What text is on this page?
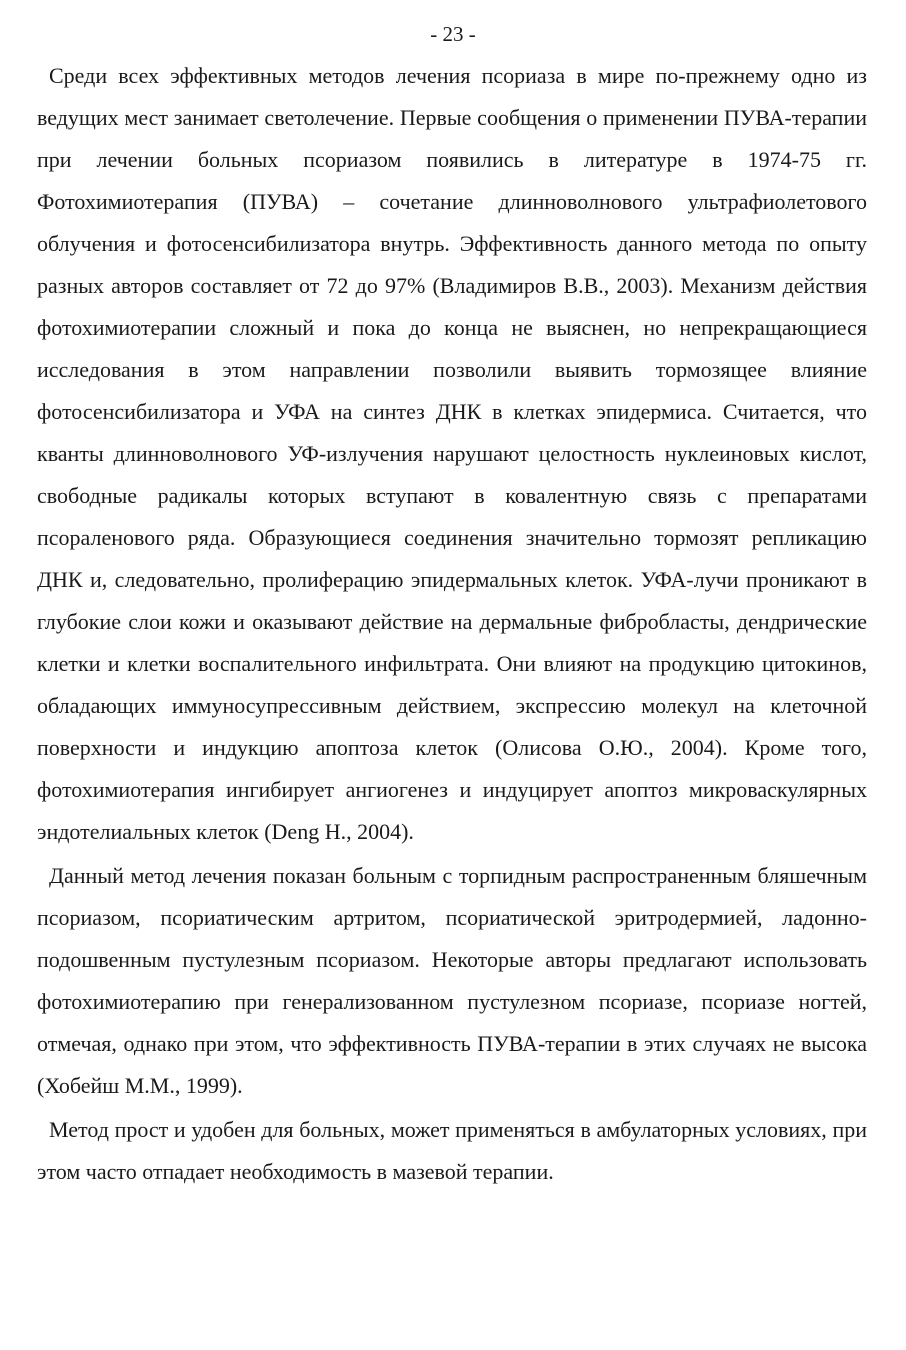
- 23 -

Среди всех эффективных методов лечения псориаза в мире по-прежнему одно из ведущих мест занимает светолечение. Первые сообщения о применении ПУВА-терапии при лечении больных псориазом появились в литературе в 1974-75 гг. Фотохимиотерапия (ПУВА) – сочетание длинноволнового ультрафиолетового облучения и фотосенсибилизатора внутрь. Эффективность данного метода по опыту разных авторов составляет от 72 до 97% (Владимиров В.В., 2003). Механизм действия фотохимиотерапии сложный и пока до конца не выяснен, но непрекращающиеся исследования в этом направлении позволили выявить тормозящее влияние фотосенсибилизатора и УФА на синтез ДНК в клетках эпидермиса. Считается, что кванты длинноволнового УФ-излучения нарушают целостность нуклеиновых кислот, свободные радикалы которых вступают в ковалентную связь с препаратами псораленового ряда. Образующиеся соединения значительно тормозят репликацию ДНК и, следовательно, пролиферацию эпидермальных клеток. УФА-лучи проникают в глубокие слои кожи и оказывают действие на дермальные фибробласты, дендрические клетки и клетки воспалительного инфильтрата. Они влияют на продукцию цитокинов, обладающих иммуносупрессивным действием, экспрессию молекул на клеточной поверхности и индукцию апоптоза клеток (Олисова О.Ю., 2004). Кроме того, фотохимиотерапия ингибирует ангиогенез и индуцирует апоптоз микроваскулярных эндотелиальных клеток (Deng H., 2004).

Данный метод лечения показан больным с торпидным распространенным бляшечным псориазом, псориатическим артритом, псориатической эритродермией, ладонно-подошвенным пустулезным псориазом. Некоторые авторы предлагают использовать фотохимиотерапию при генерализованном пустулезном псориазе, псориазе ногтей, отмечая, однако при этом, что эффективность ПУВА-терапии в этих случаях не высока (Хобейш М.М., 1999).

Метод прост и удобен для больных, может применяться в амбулаторных условиях, при этом часто отпадает необходимость в мазевой терапии.
